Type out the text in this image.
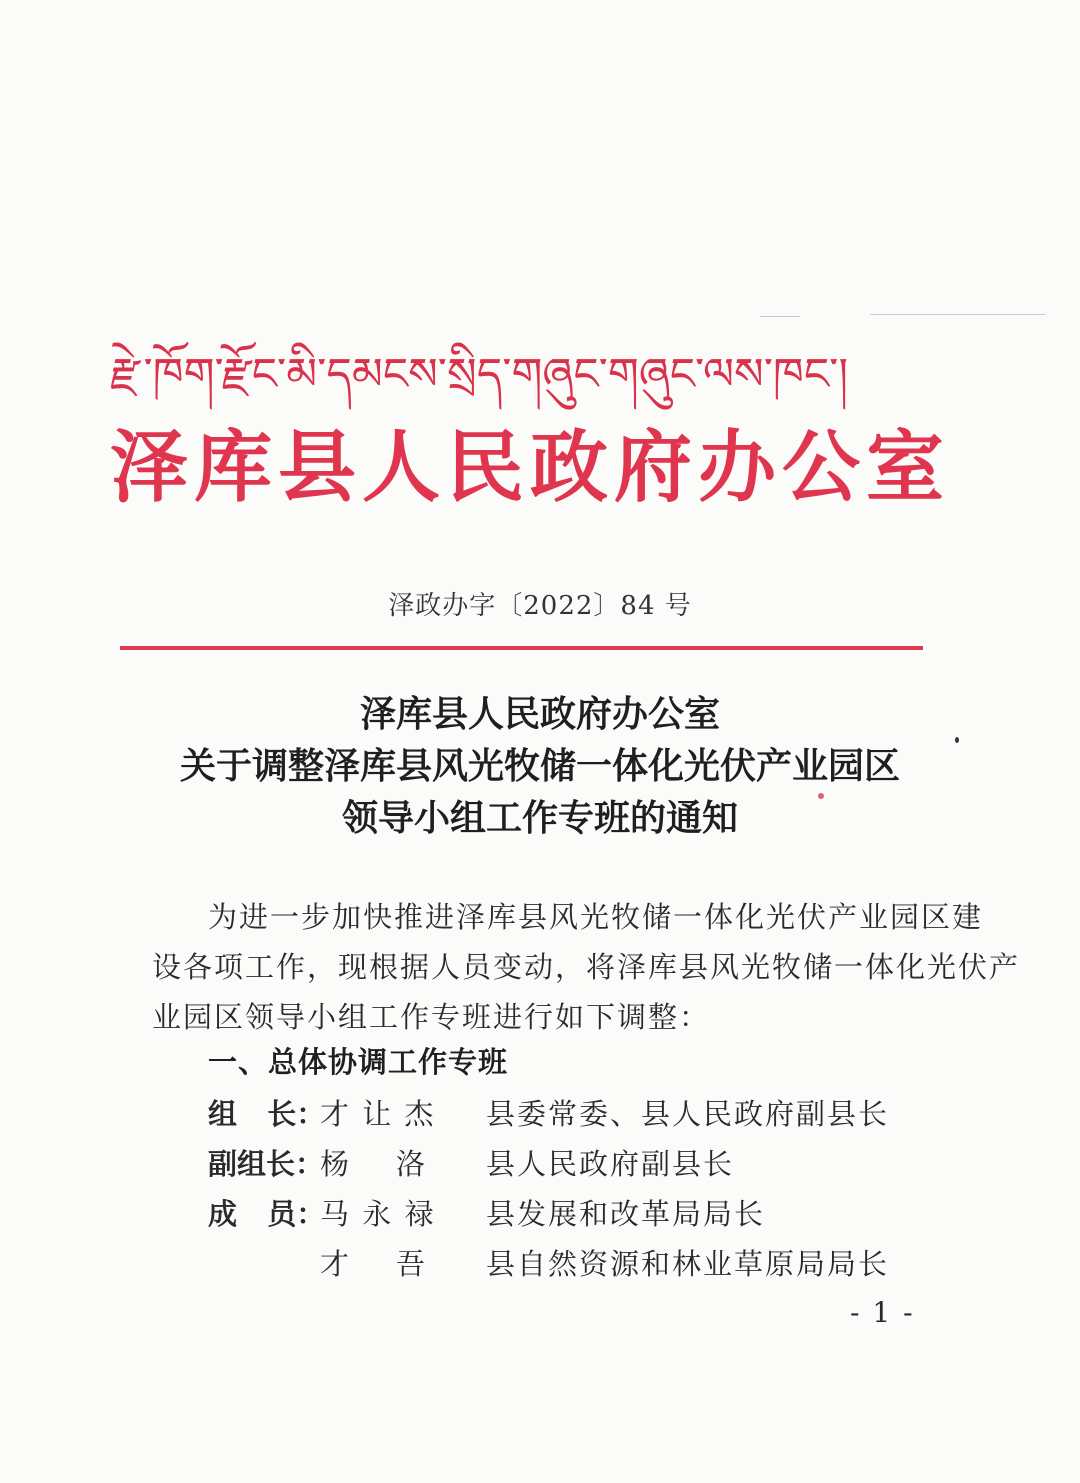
རྫེ་ཁོག་རྫོང་མི་དམངས་སྲིད་གཞུང་གཞུང་ལས་ཁང་།
泽库县人民政府办公室
泽政办字〔2022〕84 号
泽库县人民政府办公室
关于调整泽库县风光牧储一体化光伏产业园区
领导小组工作专班的通知
为进一步加快推进泽库县风光牧储一体化光伏产业园区建
设各项工作，现根据人员变动，将泽库县风光牧储一体化光伏产
业园区领导小组工作专班进行如下调整：
一、总体协调工作专班
组   长：
才 让 杰	县委常委、县人民政府副县长
副组长：
杨    洛	县人民政府副县长
成   员：
马 永 禄	县发展和改革局局长
才    吾	县自然资源和林业草原局局长
- 1 -
